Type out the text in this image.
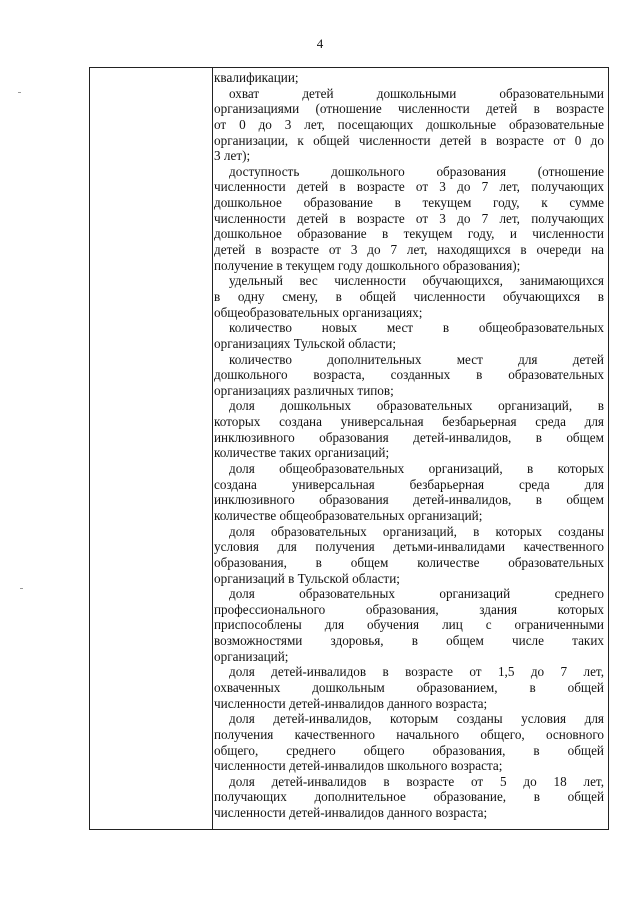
4
квалификации;
охват детей дошкольными образовательными
организациями (отношение численности детей в возрасте
от 0 до 3 лет, посещающих дошкольные образовательные
организации, к общей численности детей в возрасте от 0 до
3 лет);
доступность дошкольного образования (отношение
численности детей в возрасте от 3 до 7 лет, получающих
дошкольное образование в текущем году, к сумме
численности детей в возрасте от 3 до 7 лет, получающих
дошкольное образование в текущем году, и численности
детей в возрасте от 3 до 7 лет, находящихся в очереди на
получение в текущем году дошкольного образования);
удельный вес численности обучающихся, занимающихся
в одну смену, в общей численности обучающихся в
общеобразовательных организациях;
количество новых мест в общеобразовательных
организациях Тульской области;
количество дополнительных мест для детей
дошкольного возраста, созданных в образовательных
организациях различных типов;
доля дошкольных образовательных организаций, в
которых создана универсальная безбарьерная среда для
инклюзивного образования детей-инвалидов, в общем
количестве таких организаций;
доля общеобразовательных организаций, в которых
создана универсальная безбарьерная среда для
инклюзивного образования детей-инвалидов, в общем
количестве общеобразовательных организаций;
доля образовательных организаций, в которых созданы
условия для получения детьми-инвалидами качественного
образования, в общем количестве образовательных
организаций в Тульской области;
доля образовательных организаций среднего
профессионального образования, здания которых
приспособлены для обучения лиц с ограниченными
возможностями здоровья, в общем числе таких
организаций;
доля детей-инвалидов в возрасте от 1,5 до 7 лет,
охваченных дошкольным образованием, в общей
численности детей-инвалидов данного возраста;
доля детей-инвалидов, которым созданы условия для
получения качественного начального общего, основного
общего, среднего общего образования, в общей
численности детей-инвалидов школьного возраста;
доля детей-инвалидов в возрасте от 5 до 18 лет,
получающих дополнительное образование, в общей
численности детей-инвалидов данного возраста;
